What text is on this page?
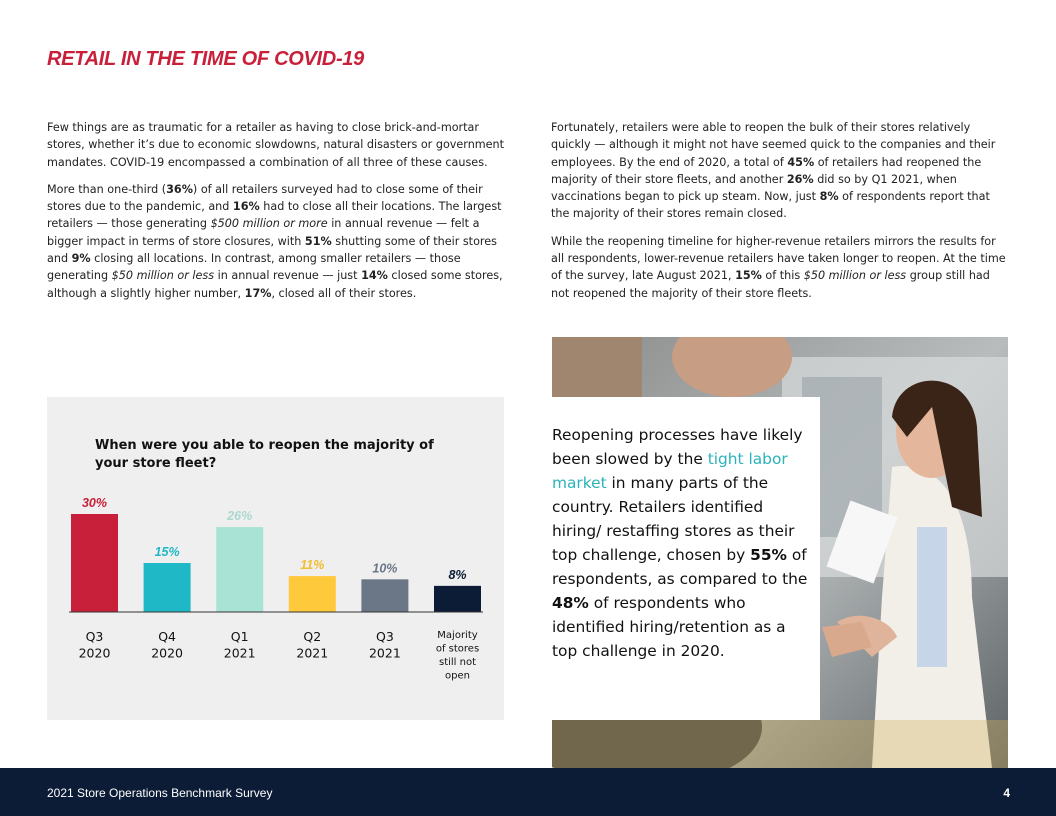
RETAIL IN THE TIME OF COVID-19

Few things are as traumatic for a retailer as having to close brick-and-mortar stores, whether it’s due to economic slowdowns, natural disasters or government mandates. COVID-19 encompassed a combination of all three of these causes.

More than one-third (36%) of all retailers surveyed had to close some of their stores due to the pandemic, and 16% had to close all their locations. The largest retailers — those generating $500 million or more in annual revenue — felt a bigger impact in terms of store closures, with 51% shutting some of their stores and 9% closing all locations. In contrast, among smaller retailers — those generating $50 million or less in annual revenue — just 14% closed some stores, although a slightly higher number, 17%, closed all of their stores.

Fortunately, retailers were able to reopen the bulk of their stores relatively quickly — although it might not have seemed quick to the companies and their employees. By the end of 2020, a total of 45% of retailers had reopened the majority of their store fleets, and another 26% did so by Q1 2021, when vaccinations began to pick up steam. Now, just 8% of respondents report that the majority of their stores remain closed.

While the reopening timeline for higher-revenue retailers mirrors the results for all respondents, lower-revenue retailers have taken longer to reopen. At the time of the survey, late August 2021, 15% of this $50 million or less group still had not reopened the majority of their store fleets.

When were you able to reopen the majority of your store fleet?

30%
Q3 2020
15%
Q4 2020
26%
Q1 2021
11%
Q2 2021
10%
Q3 2021
8%
Majority of stores still not open

Reopening processes have likely been slowed by the tight labor market in many parts of the country. Retailers identified hiring/ restaffing stores as their top challenge, chosen by 55% of respondents, as compared to the 48% of respondents who identified hiring/retention as a top challenge in 2020.

2021 Store Operations Benchmark Survey	4
